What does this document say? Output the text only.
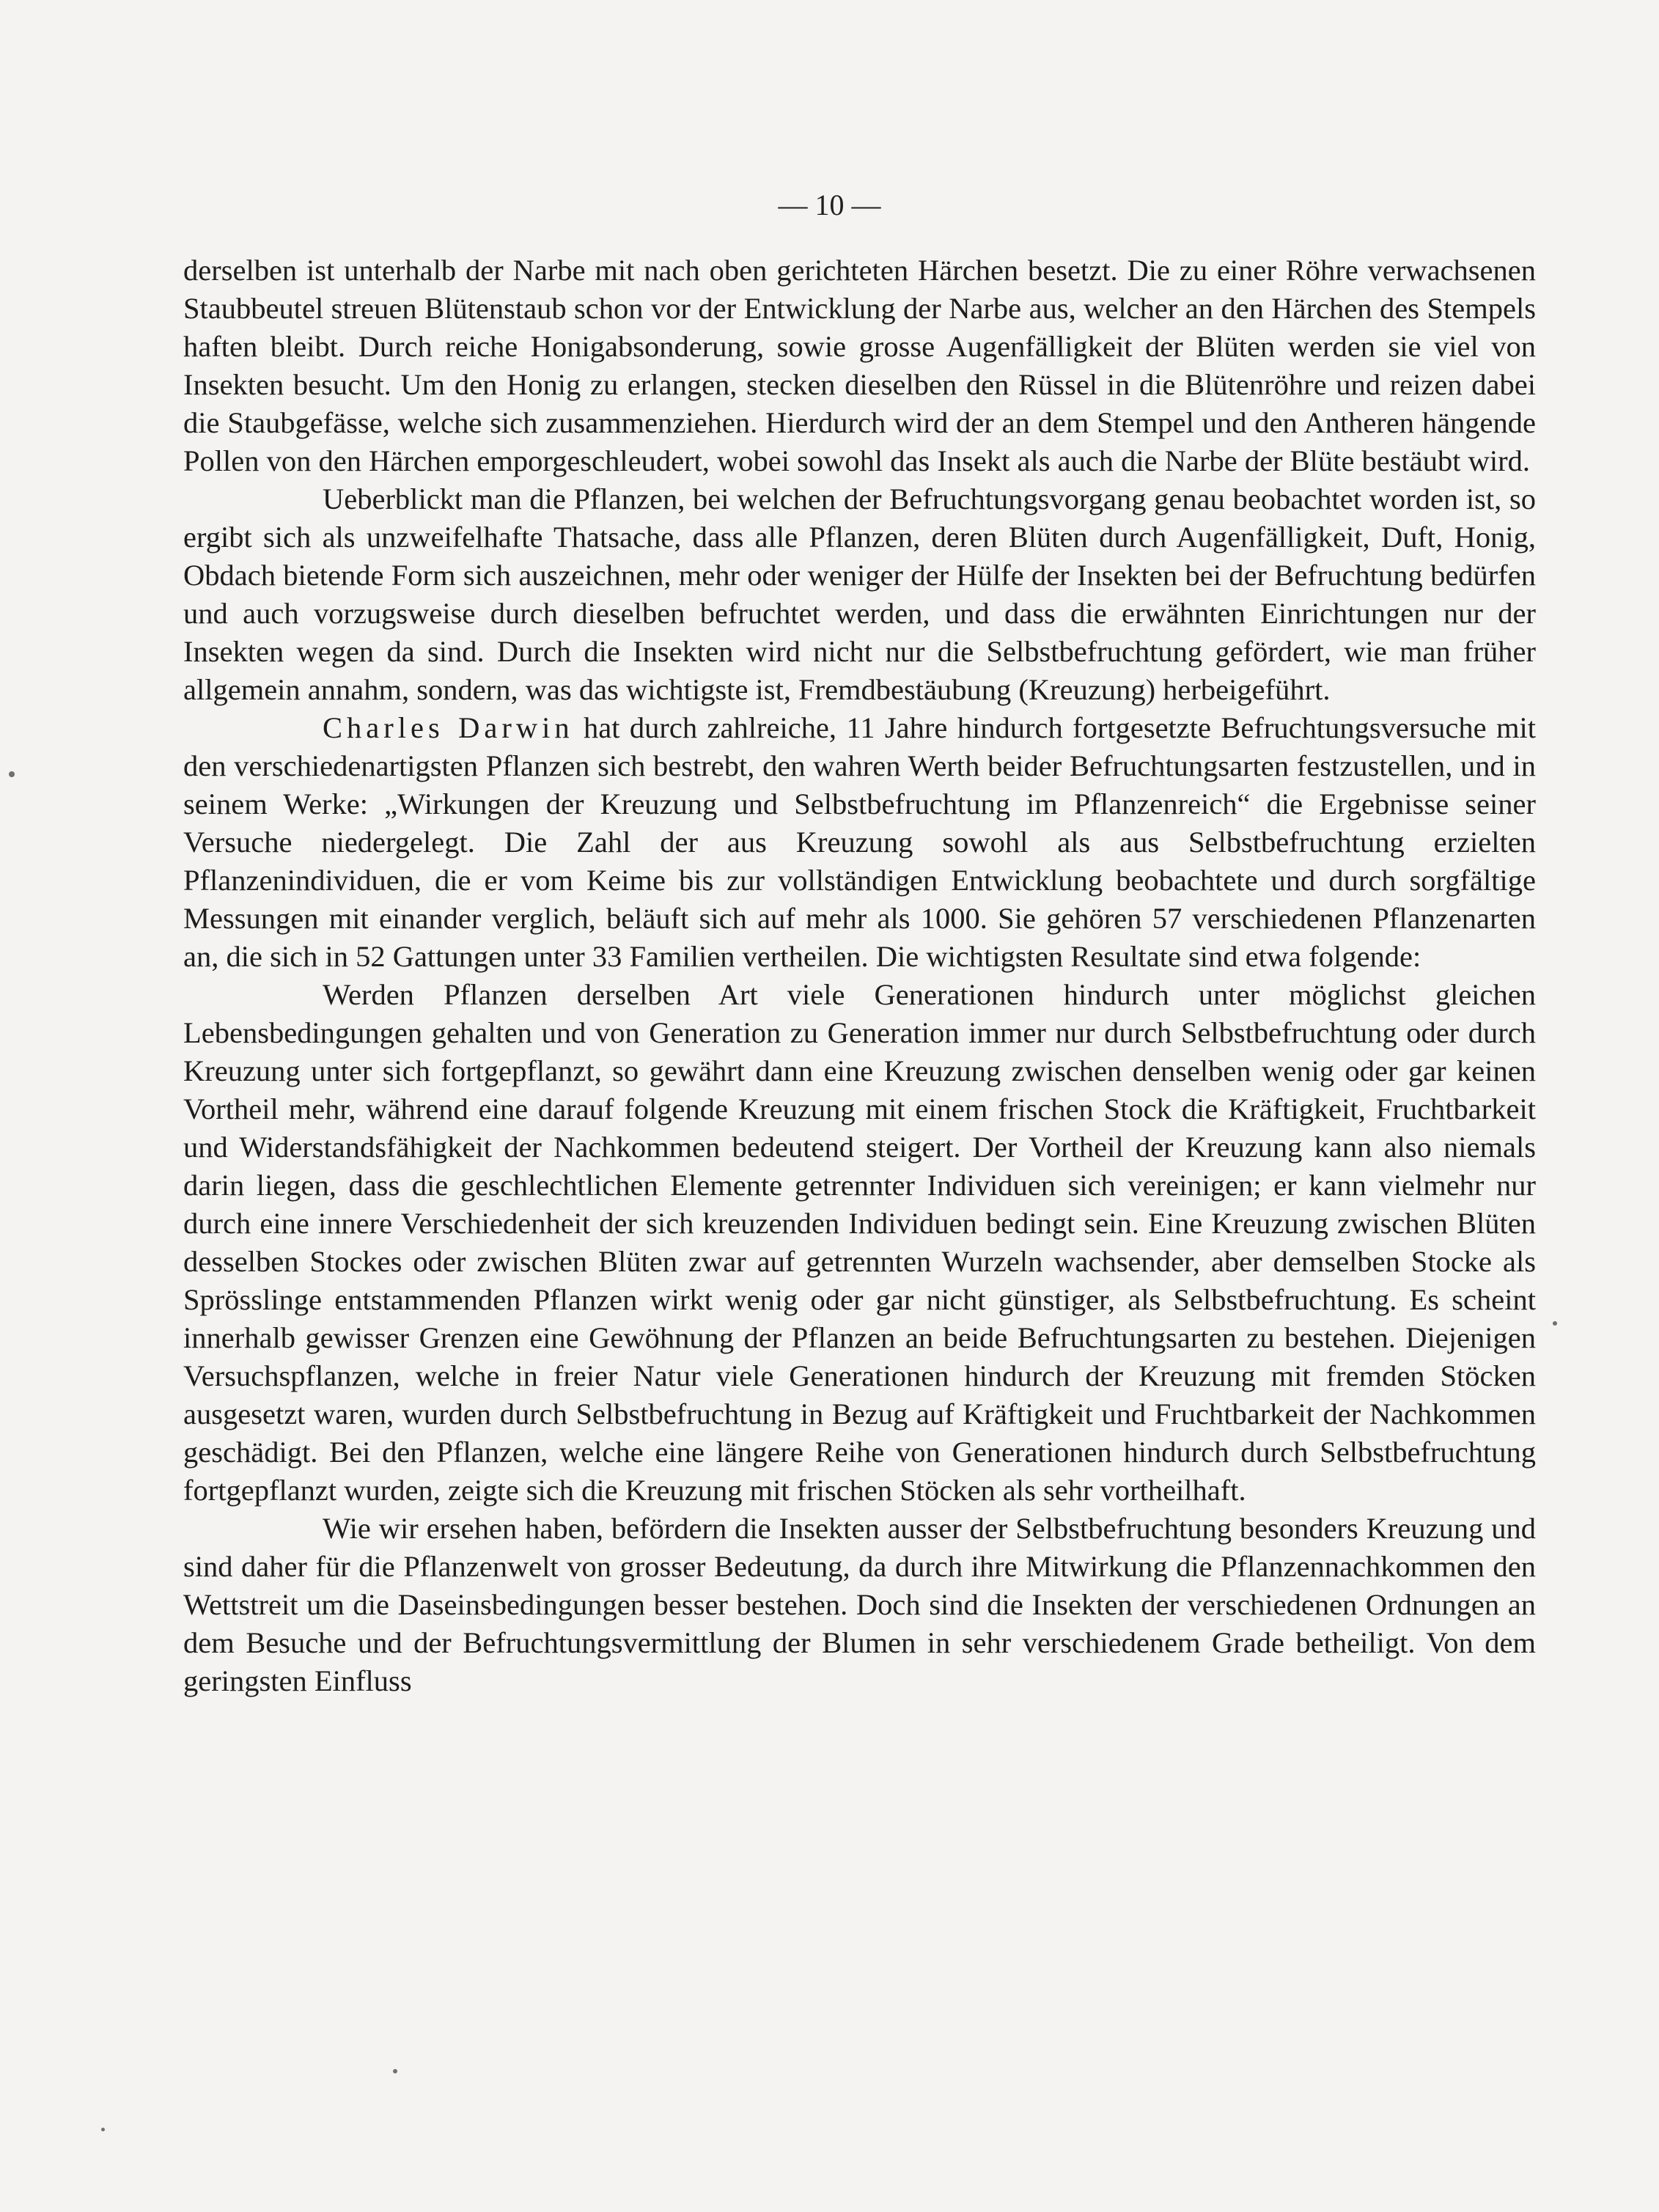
— 10 —

derselben ist unterhalb der Narbe mit nach oben gerichteten Härchen besetzt. Die zu einer Röhre verwachsenen Staubbeutel streuen Blütenstaub schon vor der Entwicklung der Narbe aus, welcher an den Härchen des Stempels haften bleibt. Durch reiche Honigabsonderung, sowie grosse Augenfälligkeit der Blüten werden sie viel von Insekten besucht. Um den Honig zu erlangen, stecken dieselben den Rüssel in die Blütenröhre und reizen dabei die Staubgefässe, welche sich zusammenziehen. Hierdurch wird der an dem Stempel und den Antheren hängende Pollen von den Härchen emporgeschleudert, wobei sowohl das Insekt als auch die Narbe der Blüte bestäubt wird.

Ueberblickt man die Pflanzen, bei welchen der Befruchtungsvorgang genau beobachtet worden ist, so ergibt sich als unzweifelhafte Thatsache, dass alle Pflanzen, deren Blüten durch Augenfälligkeit, Duft, Honig, Obdach bietende Form sich auszeichnen, mehr oder weniger der Hülfe der Insekten bei der Befruchtung bedürfen und auch vorzugsweise durch dieselben befruchtet werden, und dass die erwähnten Einrichtungen nur der Insekten wegen da sind. Durch die Insekten wird nicht nur die Selbstbefruchtung gefördert, wie man früher allgemein annahm, sondern, was das wichtigste ist, Fremdbestäubung (Kreuzung) herbeigeführt.

Charles Darwin hat durch zahlreiche, 11 Jahre hindurch fortgesetzte Befruchtungsversuche mit den verschiedenartigsten Pflanzen sich bestrebt, den wahren Werth beider Befruchtungsarten festzustellen, und in seinem Werke: „Wirkungen der Kreuzung und Selbstbefruchtung im Pflanzenreich“ die Ergebnisse seiner Versuche niedergelegt. Die Zahl der aus Kreuzung sowohl als aus Selbstbefruchtung erzielten Pflanzenindividuen, die er vom Keime bis zur vollständigen Entwicklung beobachtete und durch sorgfältige Messungen mit einander verglich, beläuft sich auf mehr als 1000. Sie gehören 57 verschiedenen Pflanzenarten an, die sich in 52 Gattungen unter 33 Familien vertheilen. Die wichtigsten Resultate sind etwa folgende:

Werden Pflanzen derselben Art viele Generationen hindurch unter möglichst gleichen Lebensbedingungen gehalten und von Generation zu Generation immer nur durch Selbstbefruchtung oder durch Kreuzung unter sich fortgepflanzt, so gewährt dann eine Kreuzung zwischen denselben wenig oder gar keinen Vortheil mehr, während eine darauf folgende Kreuzung mit einem frischen Stock die Kräftigkeit, Fruchtbarkeit und Widerstandsfähigkeit der Nachkommen bedeutend steigert. Der Vortheil der Kreuzung kann also niemals darin liegen, dass die geschlechtlichen Elemente getrennter Individuen sich vereinigen; er kann vielmehr nur durch eine innere Verschiedenheit der sich kreuzenden Individuen bedingt sein. Eine Kreuzung zwischen Blüten desselben Stockes oder zwischen Blüten zwar auf getrennten Wurzeln wachsender, aber demselben Stocke als Sprösslinge entstammenden Pflanzen wirkt wenig oder gar nicht günstiger, als Selbstbefruchtung. Es scheint innerhalb gewisser Grenzen eine Gewöhnung der Pflanzen an beide Befruchtungsarten zu bestehen. Diejenigen Versuchspflanzen, welche in freier Natur viele Generationen hindurch der Kreuzung mit fremden Stöcken ausgesetzt waren, wurden durch Selbstbefruchtung in Bezug auf Kräftigkeit und Fruchtbarkeit der Nachkommen geschädigt. Bei den Pflanzen, welche eine längere Reihe von Generationen hindurch durch Selbstbefruchtung fortgepflanzt wurden, zeigte sich die Kreuzung mit frischen Stöcken als sehr vortheilhaft.

Wie wir ersehen haben, befördern die Insekten ausser der Selbstbefruchtung besonders Kreuzung und sind daher für die Pflanzenwelt von grosser Bedeutung, da durch ihre Mitwirkung die Pflanzennachkommen den Wettstreit um die Daseinsbedingungen besser bestehen. Doch sind die Insekten der verschiedenen Ordnungen an dem Besuche und der Befruchtungsvermittlung der Blumen in sehr verschiedenem Grade betheiligt. Von dem geringsten Einfluss
